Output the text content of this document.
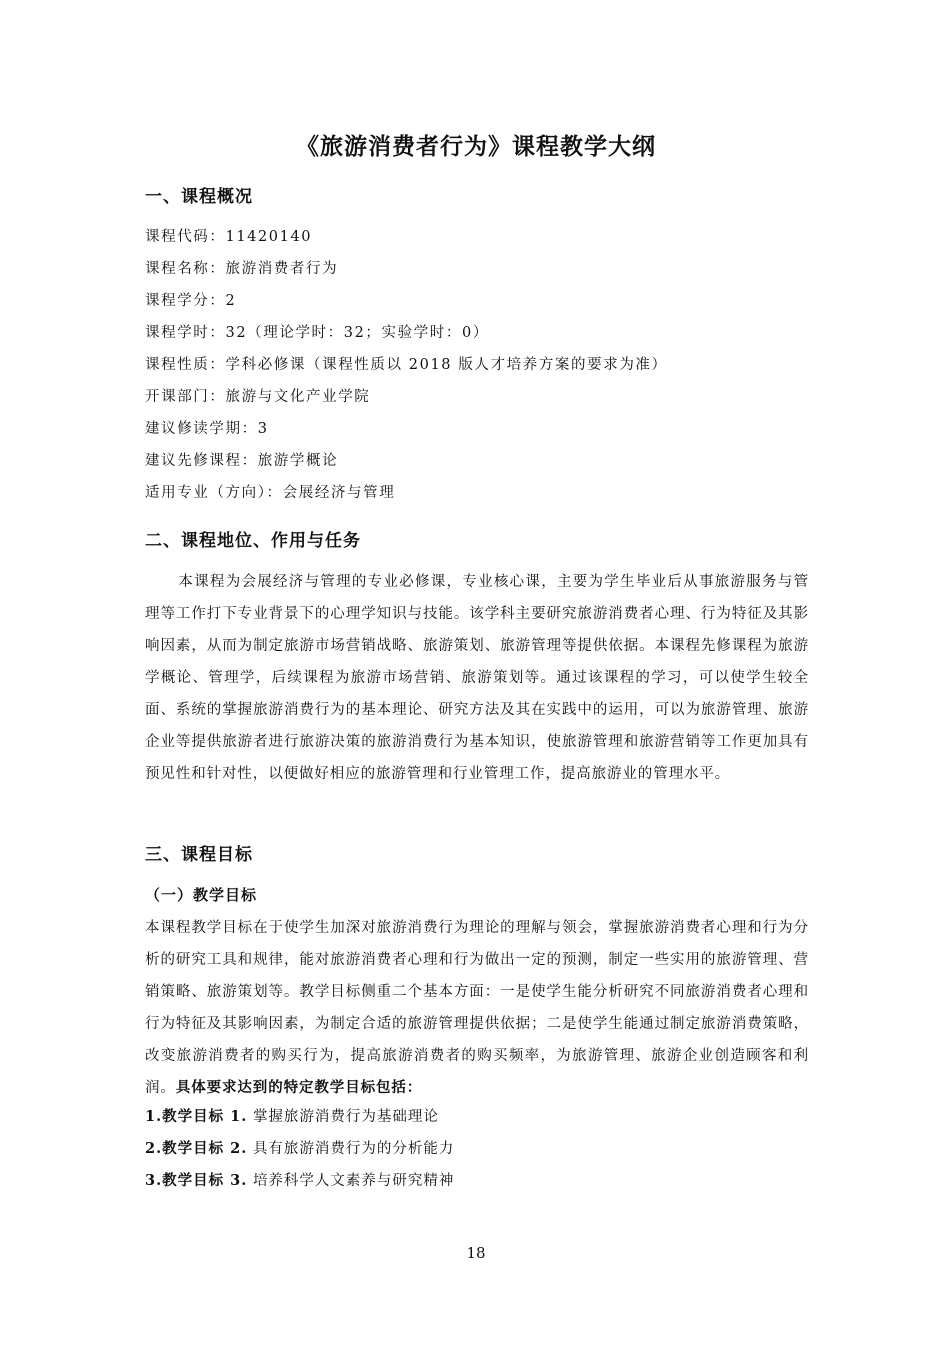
《旅游消费者行为》课程教学大纲
一、课程概况
课程代码：11420140
课程名称：旅游消费者行为
课程学分：2
课程学时：32（理论学时：32；实验学时：0）
课程性质：学科必修课（课程性质以 2018 版人才培养方案的要求为准）
开课部门：旅游与文化产业学院
建议修读学期：3
建议先修课程：旅游学概论
适用专业（方向）：会展经济与管理
二、课程地位、作用与任务
本课程为会展经济与管理的专业必修课，专业核心课，主要为学生毕业后从事旅游服务与管理等工作打下专业背景下的心理学知识与技能。该学科主要研究旅游消费者心理、行为特征及其影响因素，从而为制定旅游市场营销战略、旅游策划、旅游管理等提供依据。本课程先修课程为旅游学概论、管理学，后续课程为旅游市场营销、旅游策划等。通过该课程的学习，可以使学生较全面、系统的掌握旅游消费行为的基本理论、研究方法及其在实践中的运用，可以为旅游管理、旅游企业等提供旅游者进行旅游决策的旅游消费行为基本知识，使旅游管理和旅游营销等工作更加具有预见性和针对性，以便做好相应的旅游管理和行业管理工作，提高旅游业的管理水平。
三、课程目标
（一）教学目标
本课程教学目标在于使学生加深对旅游消费行为理论的理解与领会，掌握旅游消费者心理和行为分析的研究工具和规律，能对旅游消费者心理和行为做出一定的预测，制定一些实用的旅游管理、营销策略、旅游策划等。教学目标侧重二个基本方面：一是使学生能分析研究不同旅游消费者心理和行为特征及其影响因素，为制定合适的旅游管理提供依据；二是使学生能通过制定旅游消费策略，改变旅游消费者的购买行为，提高旅游消费者的购买频率，为旅游管理、旅游企业创造顾客和利润。具体要求达到的特定教学目标包括：
1.教学目标 1. 掌握旅游消费行为基础理论
2.教学目标 2. 具有旅游消费行为的分析能力
3.教学目标 3. 培养科学人文素养与研究精神
18
